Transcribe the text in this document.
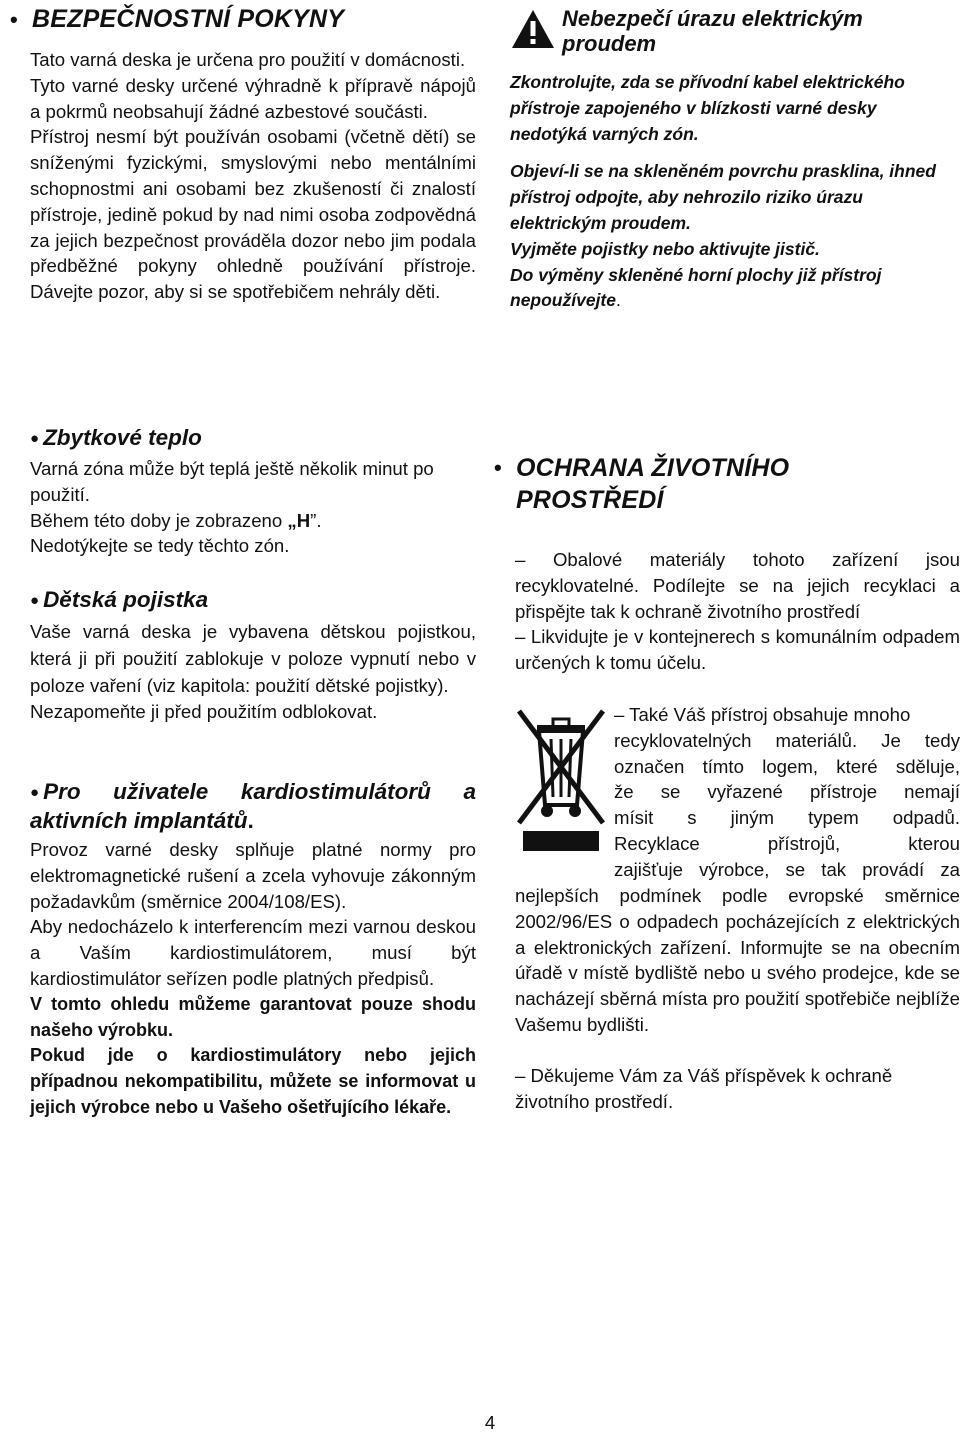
• BEZPEČNOSTNÍ POKYNY

Tato varná deska je určena pro použití v domácnosti.

Tyto varné desky určené výhradně k přípravě nápojů a pokrmů neobsahují žádné azbestové součásti.

Přístroj nesmí být používán osobami (včetně dětí) se sníženými fyzickými, smyslovými nebo mentálními schopnostmi ani osobami bez zkušeností či znalostí přístroje, jedině pokud by nad nimi osoba zodpovědná za jejich bezpečnost prováděla dozor nebo jim podala předběžné pokyny ohledně používání přístroje. Dávejte pozor, aby si se spotřebičem nehrály děti.

● Zbytkové teplo

Varná zóna může být teplá ještě několik minut po použití.

Během této doby je zobrazeno „H”.

Nedotýkejte se tedy těchto zón.

● Dětská pojistka

Vaše varná deska je vybavena dětskou pojistkou, která ji při použití zablokuje v poloze vypnutí nebo v poloze vaření (viz kapitola: použití dětské pojistky).

Nezapomeňte ji před použitím odblokovat.

● Pro uživatele kardiostimulátorů a aktivních implantátů.

Provoz varné desky splňuje platné normy pro elektromagnetické rušení a zcela vyhovuje zákonným požadavkům (směrnice 2004/108/ES).

Aby nedocházelo k interferencím mezi varnou deskou a Vaším kardiostimulátorem, musí být kardiostimulátor seřízen podle platných předpisů.

V tomto ohledu můžeme garantovat pouze shodu našeho výrobku.

Pokud jde o kardiostimulátory nebo jejich případnou nekompatibilitu, můžete se informovat u jejich výrobce nebo u Vašeho ošetřujícího lékaře.

Nebezpečí úrazu elektrickým proudem

Zkontrolujte, zda se přívodní kabel elektrického přístroje zapojeného v blízkosti varné desky nedotýká varných zón.

Objeví-li se na skleněném povrchu prasklina, ihned přístroj odpojte, aby nehrozilo riziko úrazu elektrickým proudem.

Vyjměte pojistky nebo aktivujte jistič.

Do výměny skleněné horní plochy již přístroj nepoužívejte.

• OCHRANA ŽIVOTNÍHO
PROSTŘEDÍ

– Obalové materiály tohoto zařízení jsou recyklovatelné. Podílejte se na jejich recyklaci a přispějte tak k ochraně životního prostředí

– Likvidujte je v kontejnerech s komunálním odpadem určených k tomu účelu.

– Také Váš přístroj obsahuje mnoho

recyklovatelných materiálů. Je tedy

označen tímto logem, které sděluje,

že se vyřazené přístroje nemají

mísit s jiným typem odpadů.

Recyklace přístrojů, kterou

zajišťuje výrobce, se tak provádí za

nejlepších podmínek podle evropské směrnice 2002/96/ES o odpadech pocházejících z elektrických a elektronických zařízení. Informujte se na obecním úřadě v místě bydliště nebo u svého prodejce, kde se nacházejí sběrná místa pro použití spotřebiče nejblíže Vašemu bydlišti.

– Děkujeme Vám za Váš příspěvek k ochraně životního prostředí.

4
